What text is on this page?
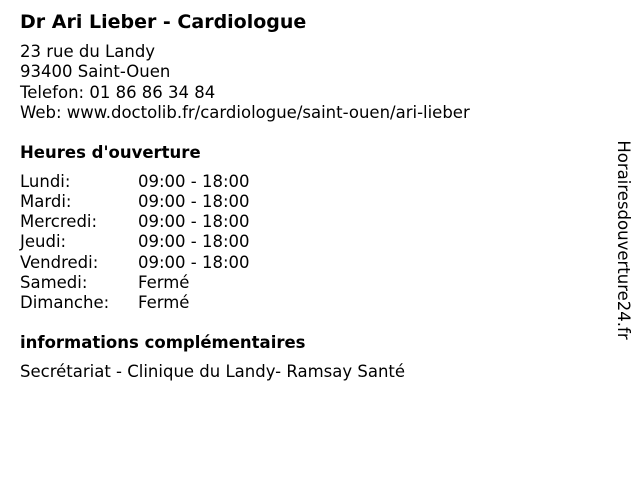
Dr Ari Lieber - Cardiologue
23 rue du Landy
93400 Saint-Ouen
Telefon: 01 86 86 34 84
Web: www.doctolib.fr/cardiologue/saint-ouen/ari-lieber
Heures d'ouverture
Lundi:	09:00 - 18:00
Mardi:	09:00 - 18:00
Mercredi: 09:00 - 18:00
Jeudi:	09:00 - 18:00
Vendredi: 09:00 - 18:00
Samedi:	Fermé
Dimanche: Fermé
informations complémentaires
Secrétariat - Clinique du Landy- Ramsay Santé
Horairesdouverture24.fr
